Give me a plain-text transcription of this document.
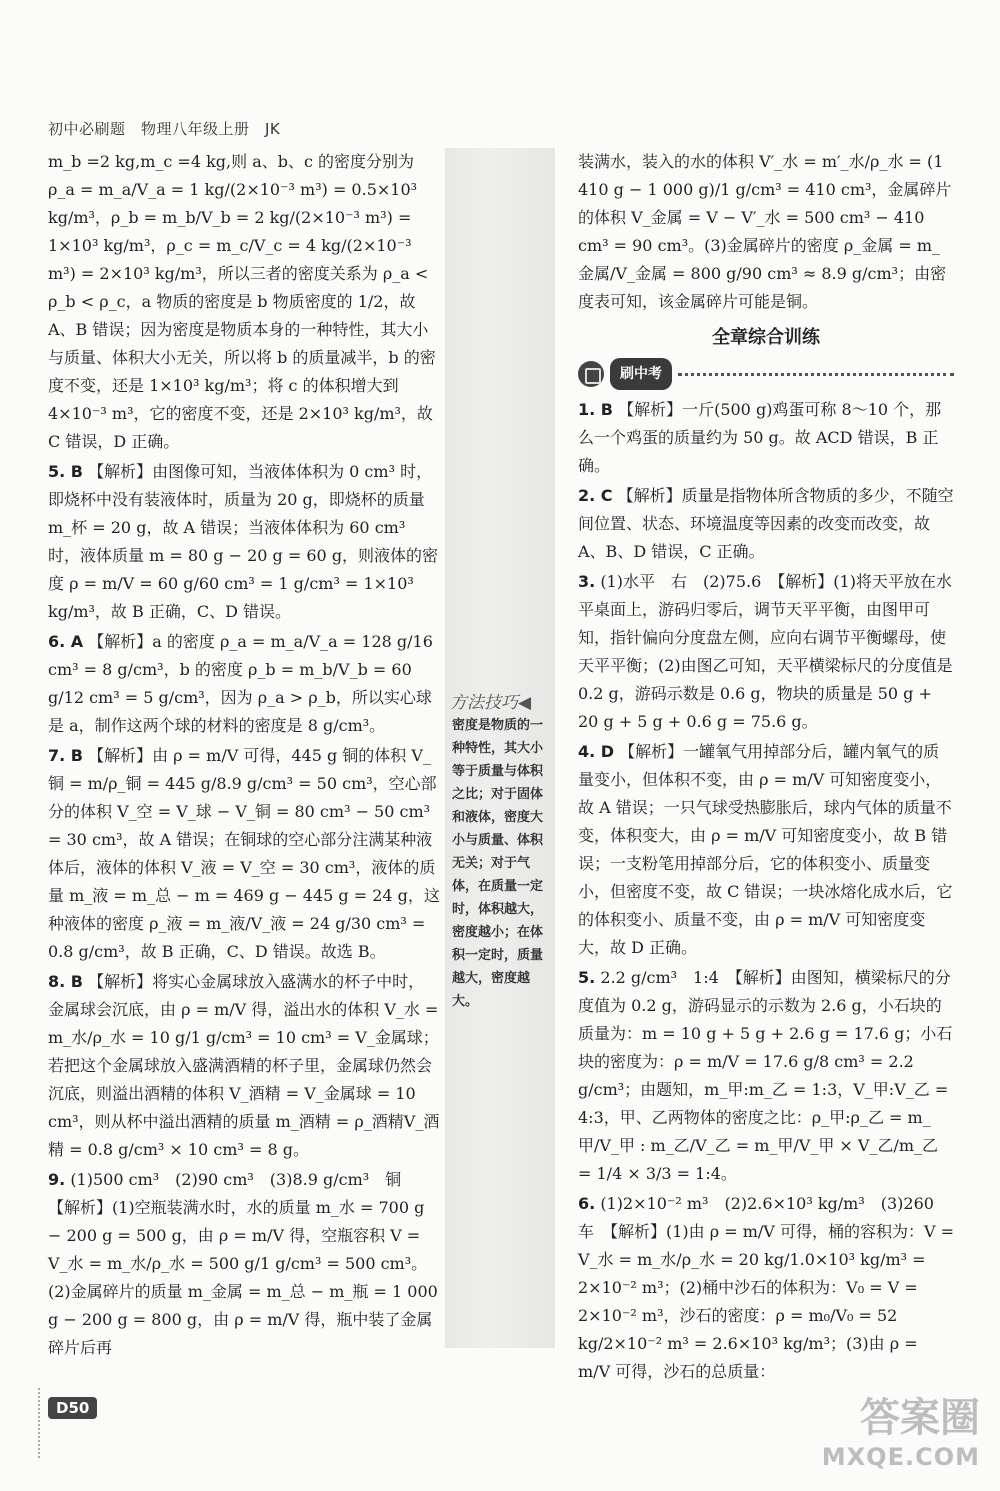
初中必刷题　物理八年级上册　JK
方法技巧◀
密度是物质的一种特性，其大小等于质量与体积之比；对于固体和液体，密度大小与质量、体积无关；对于气体，在质量一定时，体积越大，密度越小；在体积一定时，质量越大，密度越大。

m_b =2 kg,m_c =4 kg,则 a、b、c 的密度分别为 ρ_a = m_a/V_a = 1 kg/(2×10⁻³ m³) = 0.5×10³ kg/m³，ρ_b = m_b/V_b = 2 kg/(2×10⁻³ m³) = 1×10³ kg/m³，ρ_c = m_c/V_c = 4 kg/(2×10⁻³ m³) = 2×10³ kg/m³，所以三者的密度关系为 ρ_a < ρ_b < ρ_c，a 物质的密度是 b 物质密度的 1/2，故 A、B 错误；因为密度是物质本身的一种特性，其大小与质量、体积大小无关，所以将 b 的质量减半，b 的密度不变，还是 1×10³ kg/m³；将 c 的体积增大到 4×10⁻³ m³，它的密度不变，还是 2×10³ kg/m³，故 C 错误，D 正确。

5. B 【解析】由图像可知，当液体体积为 0 cm³ 时，即烧杯中没有装液体时，质量为 20 g，即烧杯的质量 m_杯 = 20 g，故 A 错误；当液体体积为 60 cm³ 时，液体质量 m = 80 g − 20 g = 60 g，则液体的密度 ρ = m/V = 60 g/60 cm³ = 1 g/cm³ = 1×10³ kg/m³，故 B 正确，C、D 错误。

6. A 【解析】a 的密度 ρ_a = m_a/V_a = 128 g/16 cm³ = 8 g/cm³，b 的密度 ρ_b = m_b/V_b = 60 g/12 cm³ = 5 g/cm³，因为 ρ_a > ρ_b，所以实心球是 a，制作这两个球的材料的密度是 8 g/cm³。

7. B 【解析】由 ρ = m/V 可得，445 g 铜的体积 V_铜 = m/ρ_铜 = 445 g/8.9 g/cm³ = 50 cm³，空心部分的体积 V_空 = V_球 − V_铜 = 80 cm³ − 50 cm³ = 30 cm³，故 A 错误；在铜球的空心部分注满某种液体后，液体的体积 V_液 = V_空 = 30 cm³，液体的质量 m_液 = m_总 − m = 469 g − 445 g = 24 g，这种液体的密度 ρ_液 = m_液/V_液 = 24 g/30 cm³ = 0.8 g/cm³，故 B 正确，C、D 错误。故选 B。

8. B 【解析】将实心金属球放入盛满水的杯子中时，金属球会沉底，由 ρ = m/V 得，溢出水的体积 V_水 = m_水/ρ_水 = 10 g/1 g/cm³ = 10 cm³ = V_金属球；若把这个金属球放入盛满酒精的杯子里，金属球仍然会沉底，则溢出酒精的体积 V_酒精 = V_金属球 = 10 cm³，则从杯中溢出酒精的质量 m_酒精 = ρ_酒精V_酒精 = 0.8 g/cm³ × 10 cm³ = 8 g。

9. (1)500 cm³　(2)90 cm³　(3)8.9 g/cm³　铜　【解析】(1)空瓶装满水时，水的质量 m_水 = 700 g − 200 g = 500 g，由 ρ = m/V 得，空瓶容积 V = V_水 = m_水/ρ_水 = 500 g/1 g/cm³ = 500 cm³。(2)金属碎片的质量 m_金属 = m_总 − m_瓶 = 1 000 g − 200 g = 800 g，由 ρ = m/V 得，瓶中装了金属碎片后再

装满水，装入的水的体积 V′_水 = m′_水/ρ_水 = (1 410 g − 1 000 g)/1 g/cm³ = 410 cm³，金属碎片的体积 V_金属 = V − V′_水 = 500 cm³ − 410 cm³ = 90 cm³。(3)金属碎片的密度 ρ_金属 = m_金属/V_金属 = 800 g/90 cm³ ≈ 8.9 g/cm³；由密度表可知，该金属碎片可能是铜。

全章综合训练
刷中考

1. B 【解析】一斤(500 g)鸡蛋可称 8～10 个，那么一个鸡蛋的质量约为 50 g。故 ACD 错误，B 正确。

2. C 【解析】质量是指物体所含物质的多少，不随空间位置、状态、环境温度等因素的改变而改变，故 A、B、D 错误，C 正确。

3. (1)水平　右　(2)75.6　【解析】(1)将天平放在水平桌面上，游码归零后，调节天平平衡，由图甲可知，指针偏向分度盘左侧，应向右调节平衡螺母，使天平平衡；(2)由图乙可知，天平横梁标尺的分度值是 0.2 g，游码示数是 0.6 g，物块的质量是 50 g + 20 g + 5 g + 0.6 g = 75.6 g。

4. D 【解析】一罐氧气用掉部分后，罐内氧气的质量变小，但体积不变，由 ρ = m/V 可知密度变小，故 A 错误；一只气球受热膨胀后，球内气体的质量不变，体积变大，由 ρ = m/V 可知密度变小，故 B 错误；一支粉笔用掉部分后，它的体积变小、质量变小，但密度不变，故 C 错误；一块冰熔化成水后，它的体积变小、质量不变，由 ρ = m/V 可知密度变大，故 D 正确。

5. 2.2 g/cm³　1:4　【解析】由图知，横梁标尺的分度值为 0.2 g，游码显示的示数为 2.6 g，小石块的质量为：m = 10 g + 5 g + 2.6 g = 17.6 g；小石块的密度为：ρ = m/V = 17.6 g/8 cm³ = 2.2 g/cm³；由题知，m_甲:m_乙 = 1:3，V_甲:V_乙 = 4:3，甲、乙两物体的密度之比：ρ_甲:ρ_乙 = m_甲/V_甲 : m_乙/V_乙 = m_甲/V_甲 × V_乙/m_乙 = 1/4 × 3/3 = 1:4。

6. (1)2×10⁻² m³　(2)2.6×10³ kg/m³　(3)260 车　【解析】(1)由 ρ = m/V 可得，桶的容积为：V = V_水 = m_水/ρ_水 = 20 kg/1.0×10³ kg/m³ = 2×10⁻² m³；(2)桶中沙石的体积为：V₀ = V = 2×10⁻² m³，沙石的密度：ρ = m₀/V₀ = 52 kg/2×10⁻² m³ = 2.6×10³ kg/m³；(3)由 ρ = m/V 可得，沙石的总质量：

D50	答案圈
MXQE.COM
